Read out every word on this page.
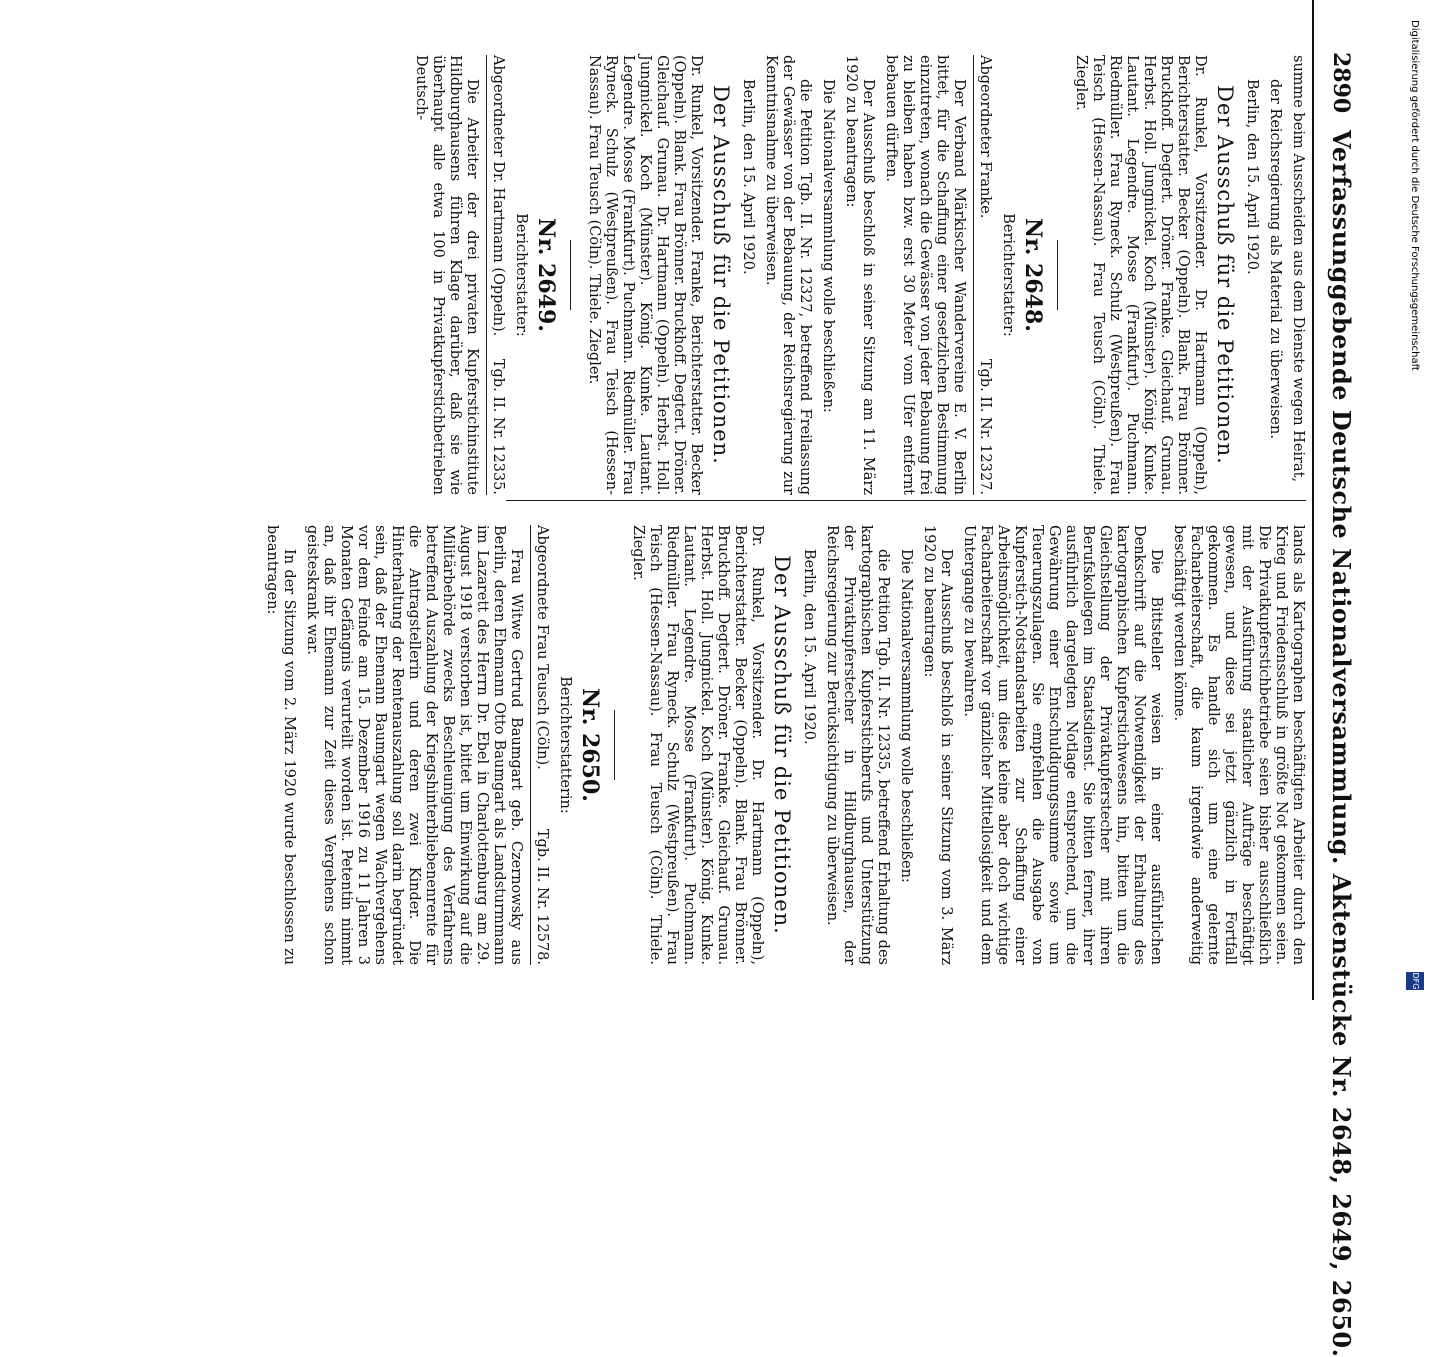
Digitalisierung gefördert durch die Deutsche Forschungsgemeinschaft
DFG
2890
Verfassunggebende Deutsche Nationalversammlung. Aktenstücke Nr. 2648, 2649, 2650.

summe beim Ausscheiden aus dem Dienste wegen Heirat,

der Reichsregierung als Material zu überweisen.

Berlin, den 15. April 1920.

Der Ausschuß für die Petitionen.

Dr. Runkel, Vorsitzender. Dr. Hartmann (Oppeln), Berichterstatter. Becker (Oppeln). Blank. Frau Brönner. Bruckhoff. Degtert. Dröner. Franke. Gleichauf. Grunau. Herbst. Holl. Jungnickel. Koch (Münster). König. Kunke. Lautant. Legendre. Mosse (Frankfurt). Puchmann. Riedmüller. Frau Ryneck. Schulz (Westpreußen). Frau Teisch (Hessen-Nassau). Frau Teusch (Cöln). Thiele. Ziegler.

Nr. 2648.

Berichterstatter:

Abgeordneter Franke.
Tgb. II. Nr. 12327.

Der Verband Märkischer Wandervereine E. V. Berlin bittet, für die Schaffung einer gesetzlichen Bestimmung einzutreten, wonach die Gewässer von jeder Bebauung frei zu bleiben haben bzw. erst 30 Meter vom Ufer entfernt bebauen dürften.

Der Ausschuß beschloß in seiner Sitzung am 11. März 1920 zu beantragen:

Die Nationalversammlung wolle beschließen:

die Petition Tgb. II. Nr. 12327, betreffend Freilassung der Gewässer von der Bebauung, der Reichsregierung zur Kenntnisnahme zu überweisen.

Berlin, den 15. April 1920.

Der Ausschuß für die Petitionen.

Dr. Runkel, Vorsitzender. Franke, Berichterstatter. Becker (Oppeln). Blank. Frau Brönner. Bruckhoff. Degtert. Dröner. Gleichauf. Grunau. Dr. Hartmann (Oppeln). Herbst. Holl. Jungnickel. Koch (Münster). König. Kunke. Lautant. Legendre. Mosse (Frankfurt). Puchmann. Riedmüller. Frau Ryneck. Schulz (Westpreußen). Frau Teisch (Hessen-Nassau). Frau Teusch (Cöln). Thiele. Ziegler.

Nr. 2649.

Berichterstatter:

Abgeordneter Dr. Hartmann (Oppeln).
Tgb. II. Nr. 12335.

Die Arbeiter der drei privaten Kupferstichinstitute Hildburghausens führen Klage darüber, daß sie wie überhaupt alle etwa 100 in Privatkupferstichbetrieben Deutsch-

lands als Kartographen beschäftigten Arbeiter durch den Krieg und Friedensschluß in größte Not gekommen seien. Die Privatkupferstichbetriebe seien bisher ausschließlich mit der Ausführung staatlicher Aufträge beschäftigt gewesen, und diese sei jetzt gänzlich in Fortfall gekommen. Es handle sich um eine gelernte Facharbeiterschaft, die kaum irgendwie anderweitig beschäftigt werden könne.

Die Bittsteller weisen in einer ausführlichen Denkschrift auf die Notwendigkeit der Erhaltung des kartographischen Kupferstichwesens hin, bitten um die Gleichstellung der Privatkupferstecher mit ihren Berufskollegen im Staatsdienst. Sie bitten ferner, ihrer ausführlich dargelegten Notlage entsprechend, um die Gewährung einer Entschuldigungssumme sowie um Teuerungszulagen. Sie empfehlen die Ausgabe von Kupferstich-Notstandsarbeiten zur Schaffung einer Arbeitsmöglichkeit, um diese kleine aber doch wichtige Facharbeiterschaft vor gänzlicher Mittellosigkeit und dem Untergange zu bewahren.

Der Ausschuß beschloß in seiner Sitzung vom 3. März 1920 zu beantragen:

Die Nationalversammlung wolle beschließen:

die Petition Tgb. II. Nr. 12335, betreffend Erhaltung des kartographischen Kupferstichberufs und Unterstützung der Privatkupferstecher in Hildburghausen, der Reichsregierung zur Berücksichtigung zu überweisen.

Berlin, den 15. April 1920.

Der Ausschuß für die Petitionen.

Dr. Runkel, Vorsitzender. Dr. Hartmann (Oppeln), Berichterstatter. Becker (Oppeln). Blank. Frau Brönner. Bruckhoff. Degtert. Dröner. Franke. Gleichauf. Grunau. Herbst. Holl. Jungnickel. Koch (Münster). König. Kunke. Lautant. Legendre. Mosse (Frankfurt). Puchmann. Riedmüller. Frau Ryneck. Schulz (Westpreußen). Frau Teisch (Hessen-Nassau). Frau Teusch (Cöln). Thiele. Ziegler.

Nr. 2650.

Berichterstatterin:

Abgeordnete Frau Teusch (Cöln).
Tgb. II. Nr. 12578.

Frau Witwe Gertrud Baumgart geb. Czernowsky aus Berlin, deren Ehemann Otto Baumgart als Landsturmmann im Lazarett des Herrn Dr. Ebel in Charlottenburg am 29. August 1918 verstorben ist, bittet um Einwirkung auf die Militärbehörde zwecks Beschleunigung des Verfahrens betreffend Auszahlung der Kriegshinterbliebenenrente für die Antragstellerin und deren zwei Kinder. Die Hinterhaltung der Rentenauszahlung soll darin begründet sein, daß der Ehemann Baumgart wegen Wachvergehens vor dem Feinde am 15. Dezember 1916 zu 11 Jahren 3 Monaten Gefängnis verurteilt worden ist. Petentin nimmt an, daß ihr Ehemann zur Zeit dieses Vergehens schon geisteskrank war.

In der Sitzung vom 2. März 1920 wurde beschlossen zu beantragen:
